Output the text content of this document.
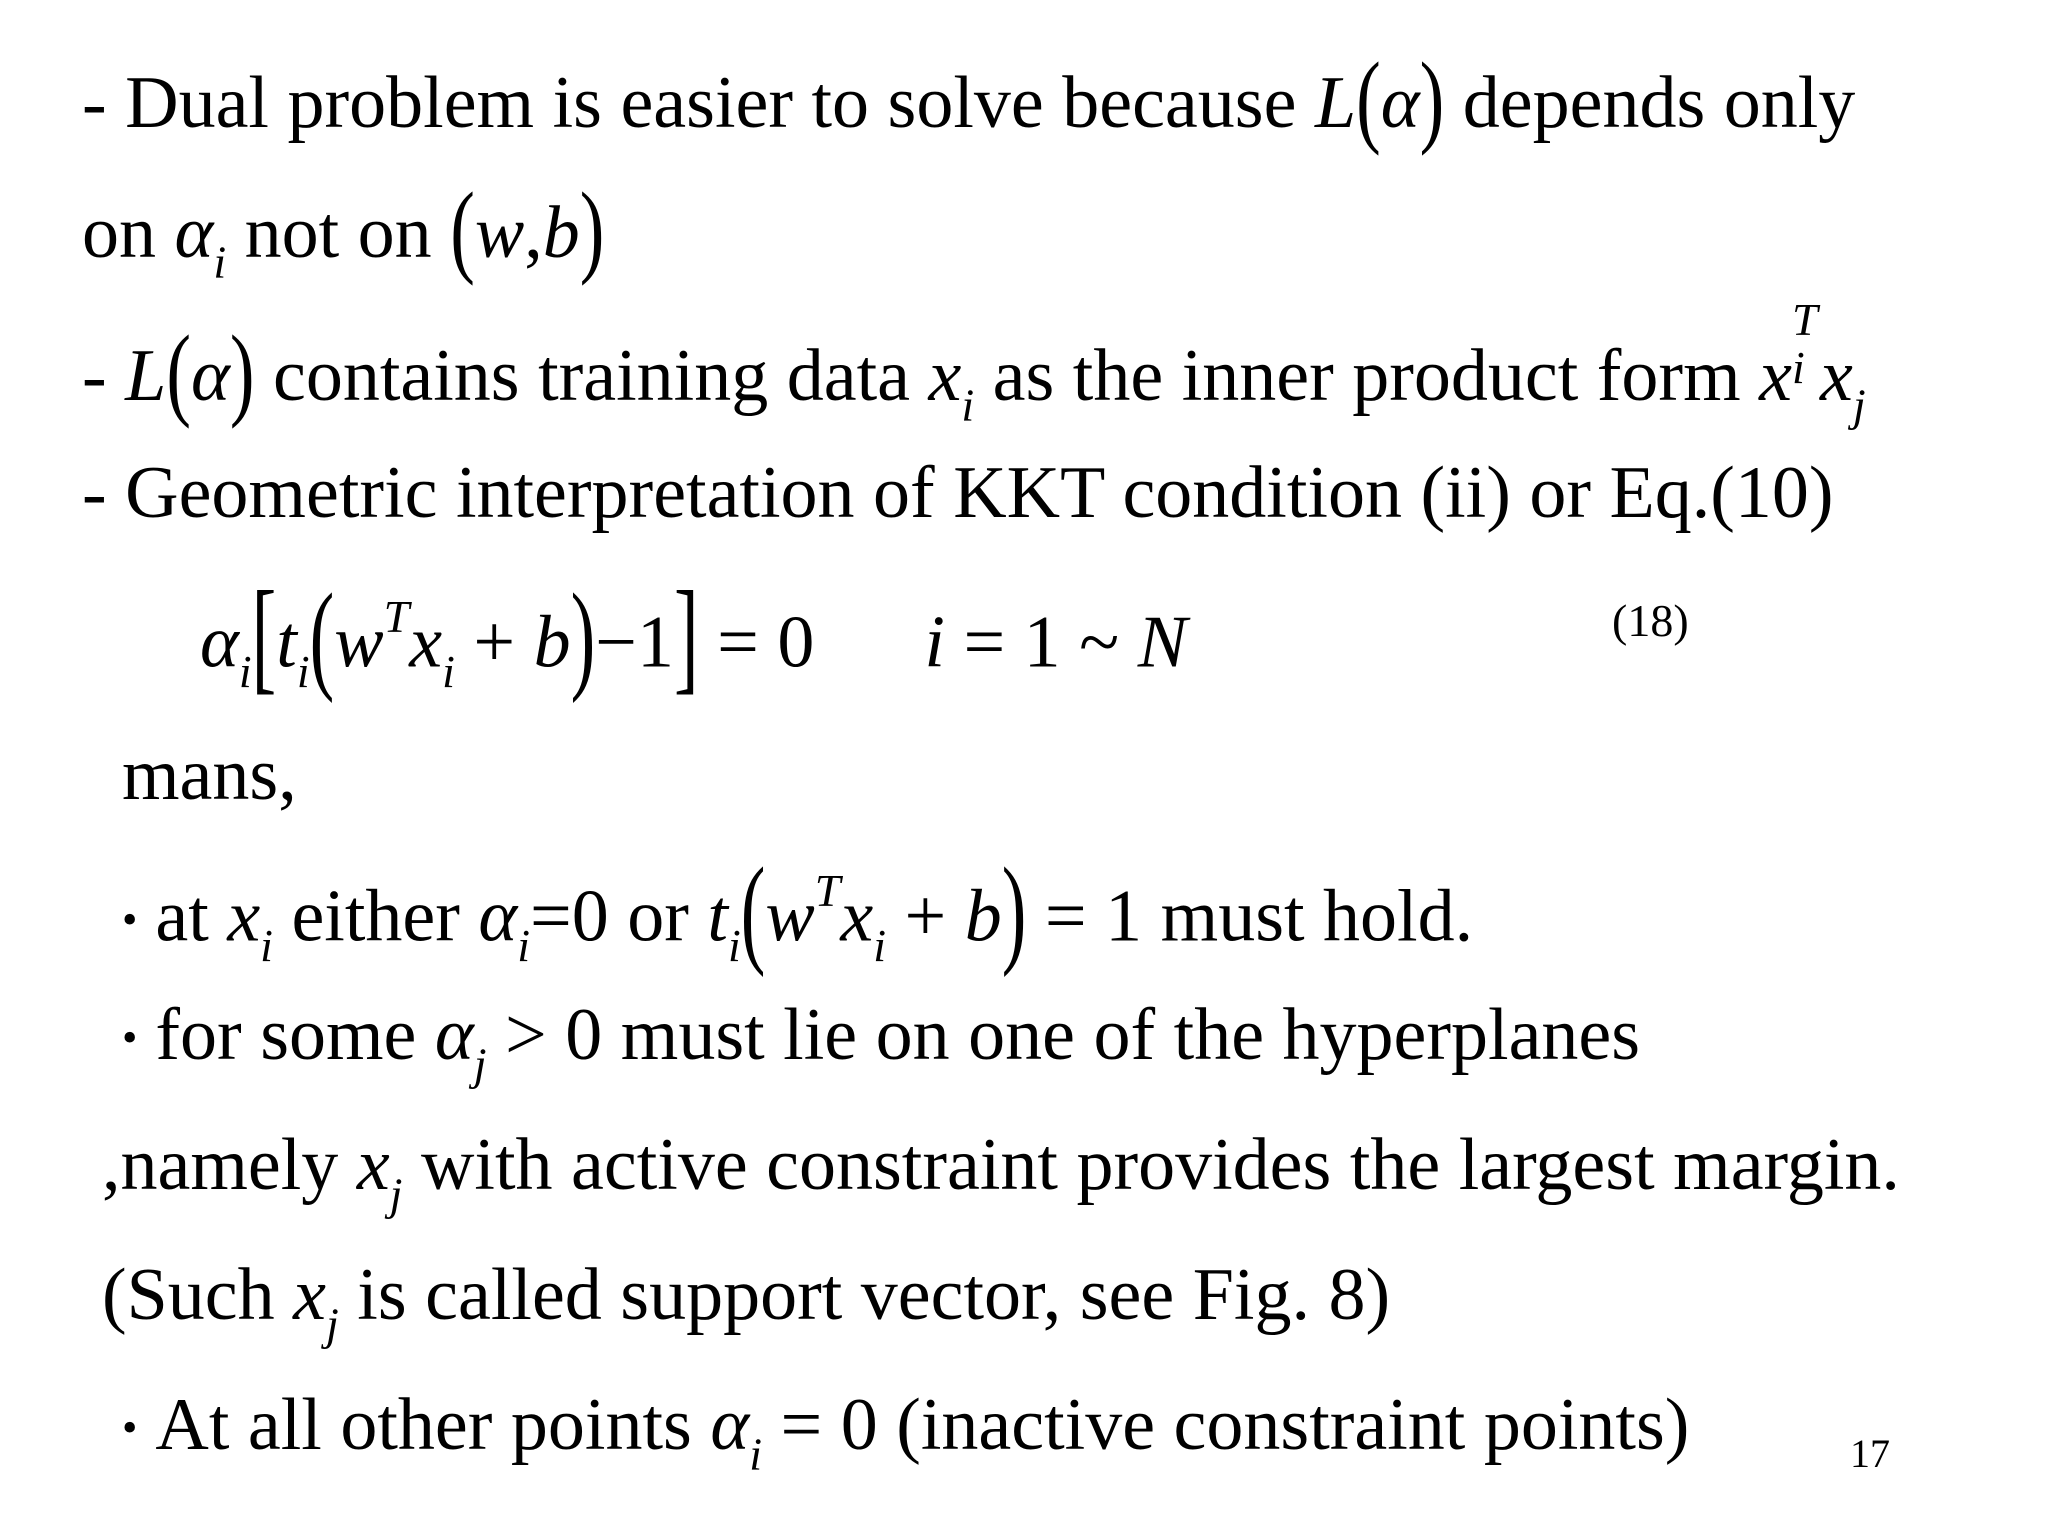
- Dual problem is easier to solve because L(α) depends only
on $\alpha_i$ not on (w,b)
- L(α) contains training data $x_i$ as the inner product form x
T
i $x_j$
- Geometric interpretation of KKT condition (ii) or Eq.(10)
$\alpha_i[t_i(w^Tx_i + b)-1] = 0$ i = 1 ~ N	(18)
mans,
• at $x_i$ either $\alpha_i=0$ or $t_i(w^Tx_i + b) = 1$ must hold.
• for some $\alpha_j > 0$ must lie on one of the hyperplanes
,namely $x_j$ with active constraint provides the largest margin.
(Such $x_j$ is called support vector, see Fig. 8)
• At all other points $\alpha_i = 0$ (inactive constraint points)	17
